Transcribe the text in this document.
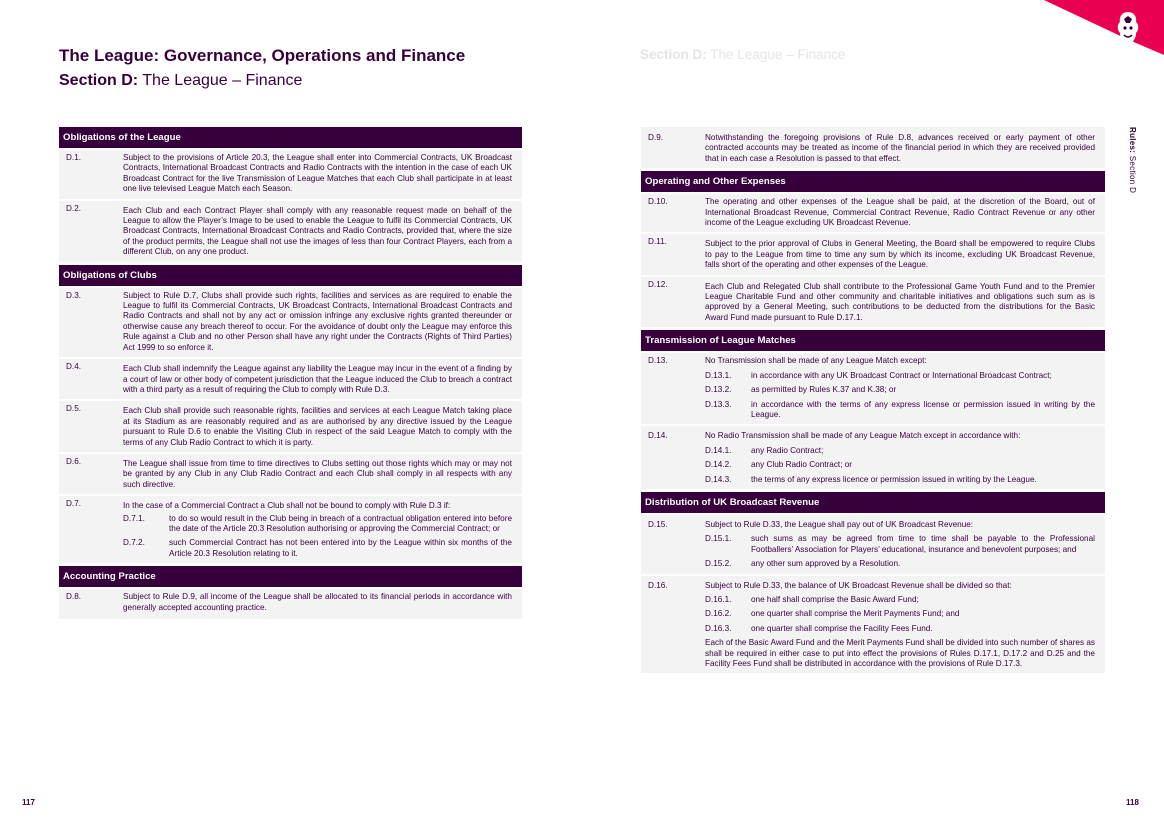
The League: Governance, Operations and Finance

Section D: The League – Finance

Section D: The League – Finance
Rules: Section D
Obligations of the League
D.1.	Subject to the provisions of Article 20.3, the League shall enter into Commercial Contracts, UK Broadcast Contracts, International Broadcast Contracts and Radio Contracts with the intention in the case of each UK Broadcast Contract for the live Transmission of League Matches that each Club shall participate in at least one live televised League Match each Season.
D.2.	Each Club and each Contract Player shall comply with any reasonable request made on behalf of the League to allow the Player’s Image to be used to enable the League to fulfil its Commercial Contracts, UK Broadcast Contracts, International Broadcast Contracts and Radio Contracts, provided that, where the size of the product permits, the League shall not use the images of less than four Contract Players, each from a different Club, on any one product.
Obligations of Clubs
D.3.	Subject to Rule D.7, Clubs shall provide such rights, facilities and services as are required to enable the League to fulfil its Commercial Contracts, UK Broadcast Contracts, International Broadcast Contracts and Radio Contracts and shall not by any act or omission infringe any exclusive rights granted thereunder or otherwise cause any breach thereof to occur. For the avoidance of doubt only the League may enforce this Rule against a Club and no other Person shall have any right under the Contracts (Rights of Third Parties) Act 1999 to so enforce it.
D.4.	Each Club shall indemnify the League against any liability the League may incur in the event of a finding by a court of law or other body of competent jurisdiction that the League induced the Club to breach a contract with a third party as a result of requiring the Club to comply with Rule D.3.
D.5.	Each Club shall provide such reasonable rights, facilities and services at each League Match taking place at its Stadium as are reasonably required and as are authorised by any directive issued by the League pursuant to Rule D.6 to enable the Visiting Club in respect of the said League Match to comply with the terms of any Club Radio Contract to which it is party.
D.6.	The League shall issue from time to time directives to Clubs setting out those rights which may or may not be granted by any Club in any Club Radio Contract and each Club shall comply in all respects with any such directive.
D.7.	In the case of a Commercial Contract a Club shall not be bound to comply with Rule D.3 if:
D.7.1.	to do so would result in the Club being in breach of a contractual obligation entered into before the date of the Article 20.3 Resolution authorising or approving the Commercial Contract; or
D.7.2.	such Commercial Contract has not been entered into by the League within six months of the Article 20.3 Resolution relating to it.
Accounting Practice
D.8.	Subject to Rule D.9, all income of the League shall be allocated to its financial periods in accordance with generally accepted accounting practice.
D.9.	Notwithstanding the foregoing provisions of Rule D.8, advances received or early payment of other contracted accounts may be treated as income of the financial period in which they are received provided that in each case a Resolution is passed to that effect.
Operating and Other Expenses
D.10.	The operating and other expenses of the League shall be paid, at the discretion of the Board, out of International Broadcast Revenue, Commercial Contract Revenue, Radio Contract Revenue or any other income of the League excluding UK Broadcast Revenue.
D.11.	Subject to the prior approval of Clubs in General Meeting, the Board shall be empowered to require Clubs to pay to the League from time to time any sum by which its income, excluding UK Broadcast Revenue, falls short of the operating and other expenses of the League.
D.12.	Each Club and Relegated Club shall contribute to the Professional Game Youth Fund and to the Premier League Charitable Fund and other community and charitable initiatives and obligations such sum as is approved by a General Meeting, such contributions to be deducted from the distributions for the Basic Award Fund made pursuant to Rule D.17.1.
Transmission of League Matches
D.13.	No Transmission shall be made of any League Match except:
D.13.1. in accordance with any UK Broadcast Contract or International Broadcast Contract;
D.13.2. as permitted by Rules K.37 and K.38; or
D.13.3. in accordance with the terms of any express license or permission issued in writing by the League.
D.14.	No Radio Transmission shall be made of any League Match except in accordance with:
D.14.1. any Radio Contract;
D.14.2. any Club Radio Contract; or
D.14.3. the terms of any express licence or permission issued in writing by the League.
Distribution of UK Broadcast Revenue
D.15.	Subject to Rule D.33, the League shall pay out of UK Broadcast Revenue:
D.15.1. such sums as may be agreed from time to time shall be payable to the Professional Footballers’ Association for Players’ educational, insurance and benevolent purposes; and
D.15.2. any other sum approved by a Resolution.
D.16.	Subject to Rule D.33, the balance of UK Broadcast Revenue shall be divided so that:
D.16.1. one half shall comprise the Basic Award Fund;
D.16.2. one quarter shall comprise the Merit Payments Fund; and
D.16.3. one quarter shall comprise the Facility Fees Fund.
Each of the Basic Award Fund and the Merit Payments Fund shall be divided into such number of shares as shall be required in either case to put into effect the provisions of Rules D.17.1, D.17.2 and D.25 and the Facility Fees Fund shall be distributed in accordance with the provisions of Rule D.17.3.
117	118
